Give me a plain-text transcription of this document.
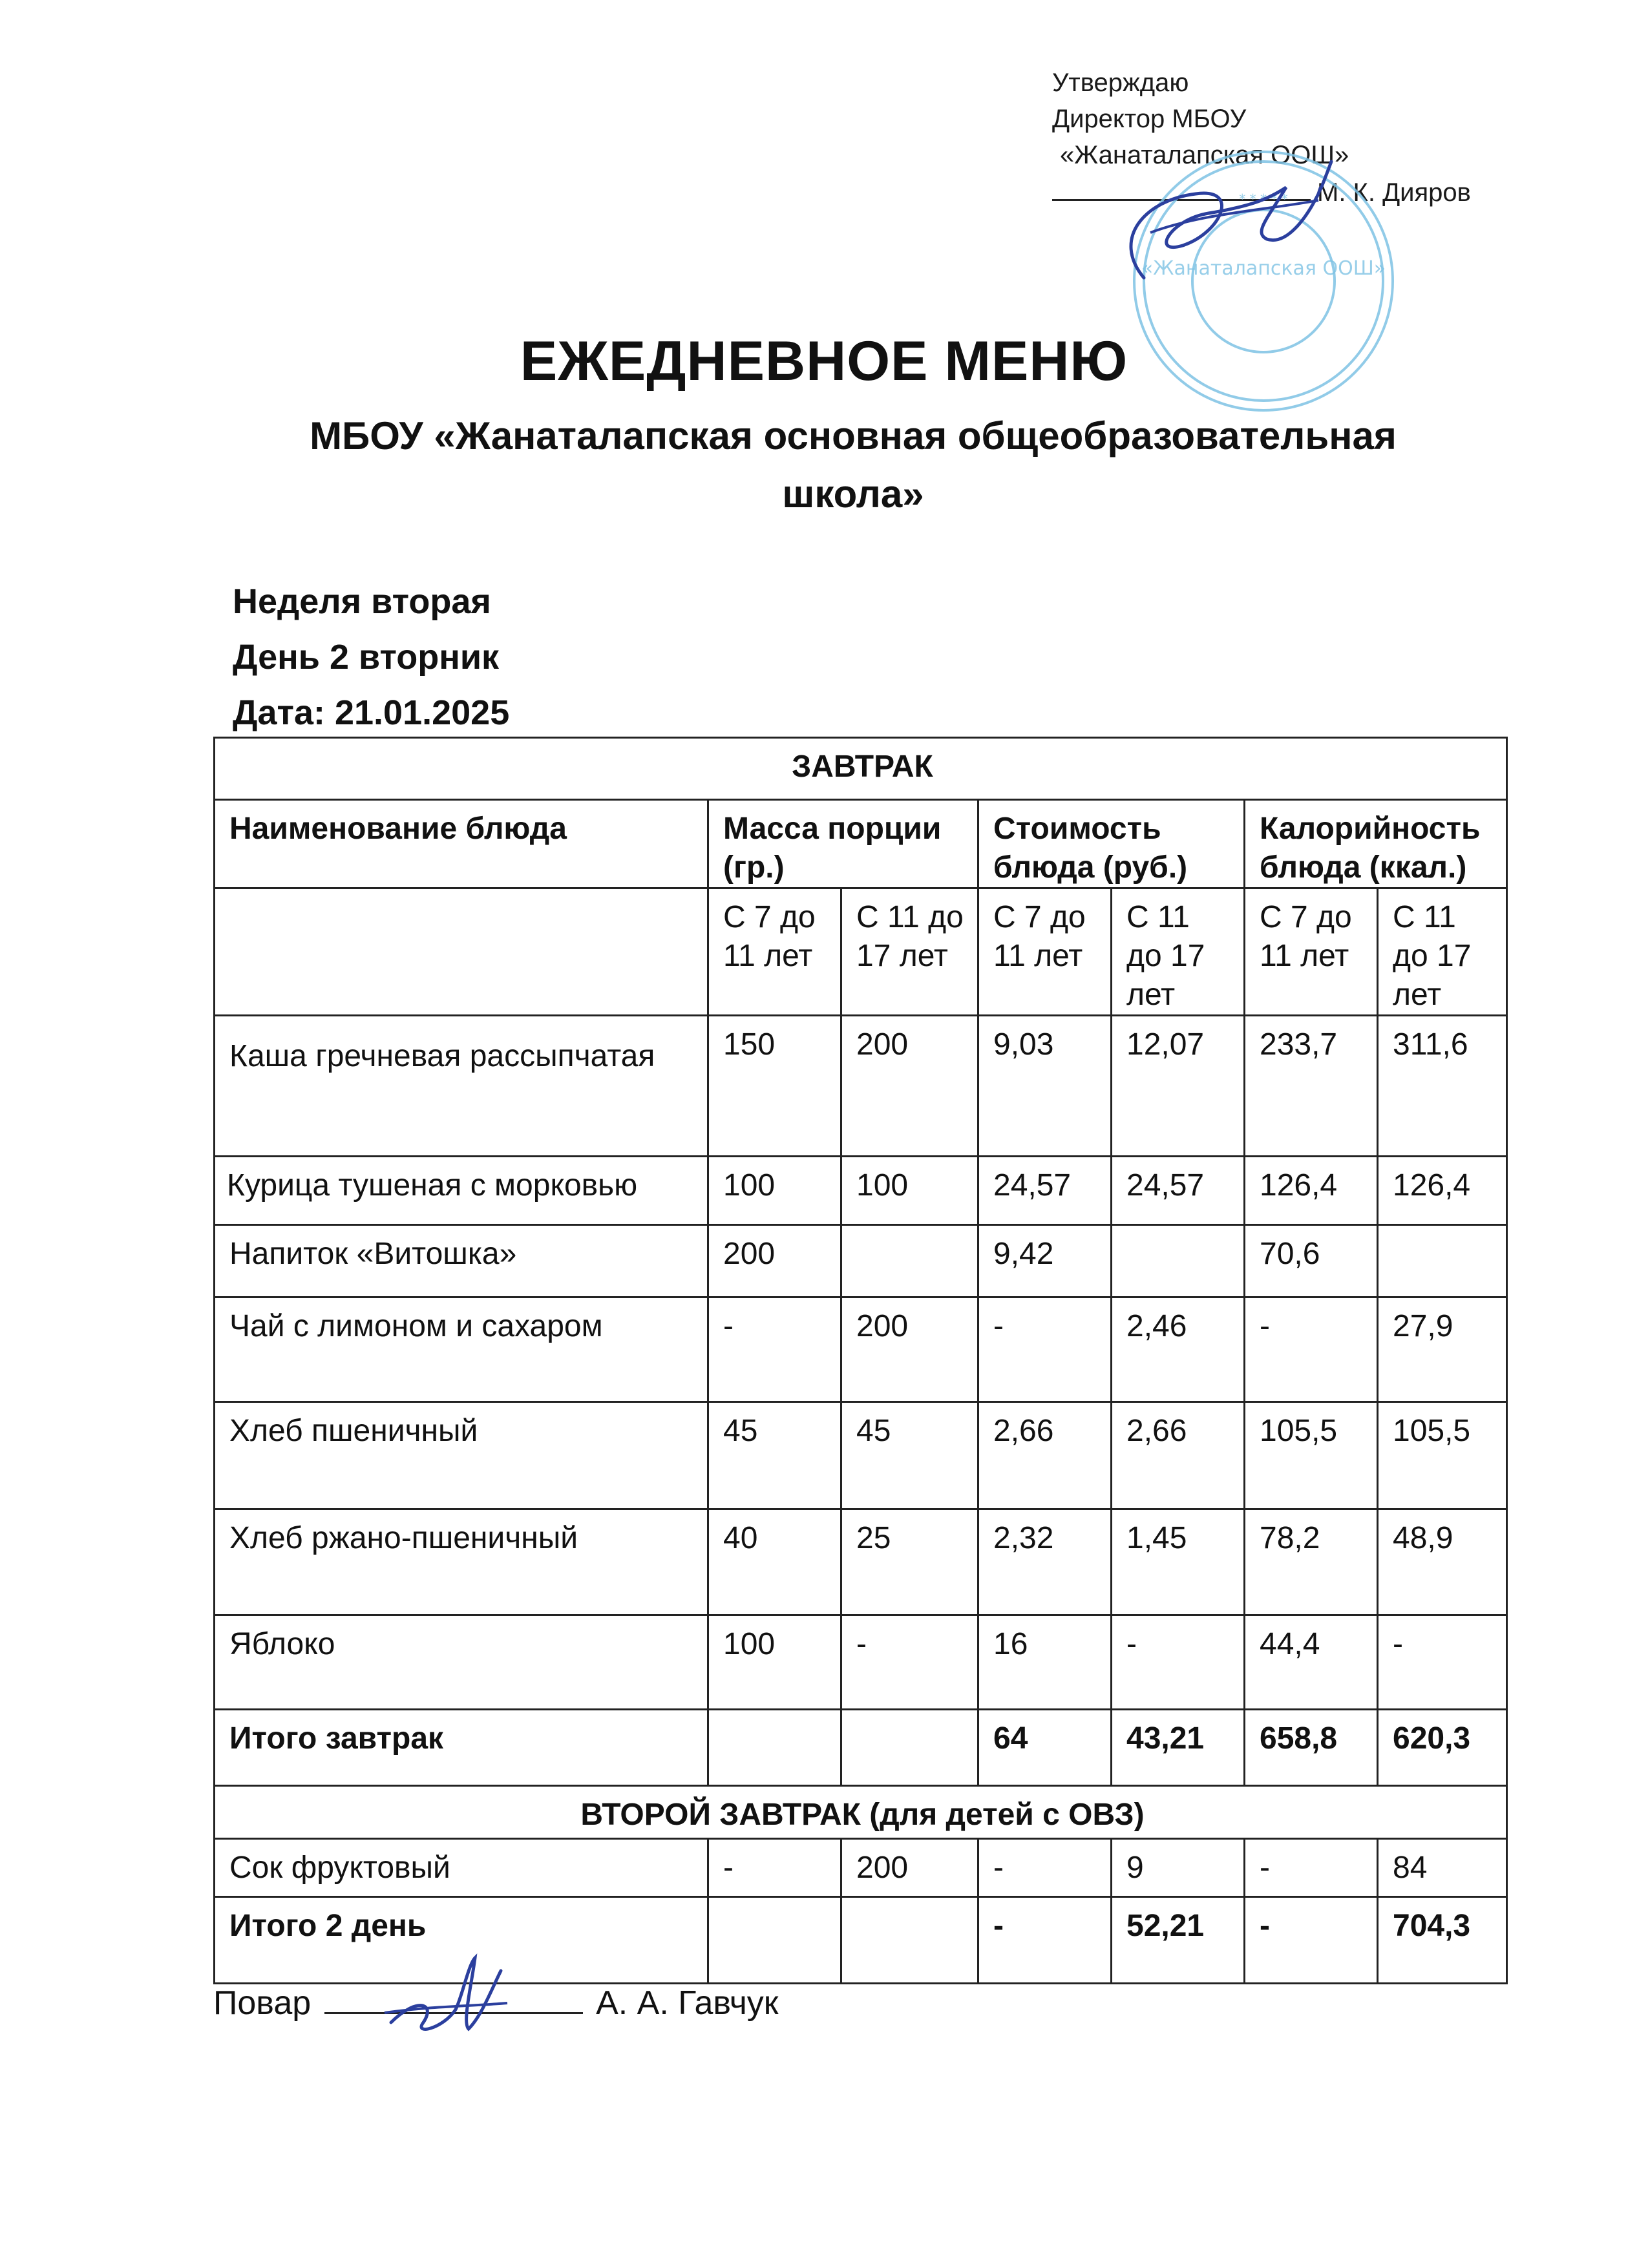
Утверждаю
Директор МБОУ
«Жанаталапская ООШ»
М. К. Дияров
«Жанаталапская ООШ»
* * * * *
ЕЖЕДНЕВНОЕ МЕНЮ
МБОУ «Жанаталапская основная общеобразовательная
школа»
Неделя вторая
День 2 вторник
Дата: 21.01.2025
ЗАВТРАК						
Наименование блюда	Масса порции (гр.)		Стоимость блюда (руб.)		Калорийность блюда (ккал.)	
	С 7 до 11 лет	С 11 до 17 лет	С 7 до 11 лет	С 11 до 17 лет	С 7 до 11 лет	С 11 до 17 лет
Каша гречневая рассыпчатая	150	200	9,03	12,07	233,7	311,6
Курица тушеная с морковью	100	100	24,57	24,57	126,4	126,4
Напиток «Витошка»	200		9,42		70,6	
Чай с лимоном и сахаром	-	200	-	2,46	-	27,9
Хлеб пшеничный	45	45	2,66	2,66	105,5	105,5
Хлеб ржано-пшеничный	40	25	2,32	1,45	78,2	48,9
Яблоко	100	-	16	-	44,4	-
Итого завтрак			64	43,21	658,8	620,3
ВТОРОЙ ЗАВТРАК (для детей с ОВЗ)						
Сок фруктовый	-	200	-	9	-	84
Итого 2 день			-	52,21	-	704,3
Повар	А. А. Гавчук
